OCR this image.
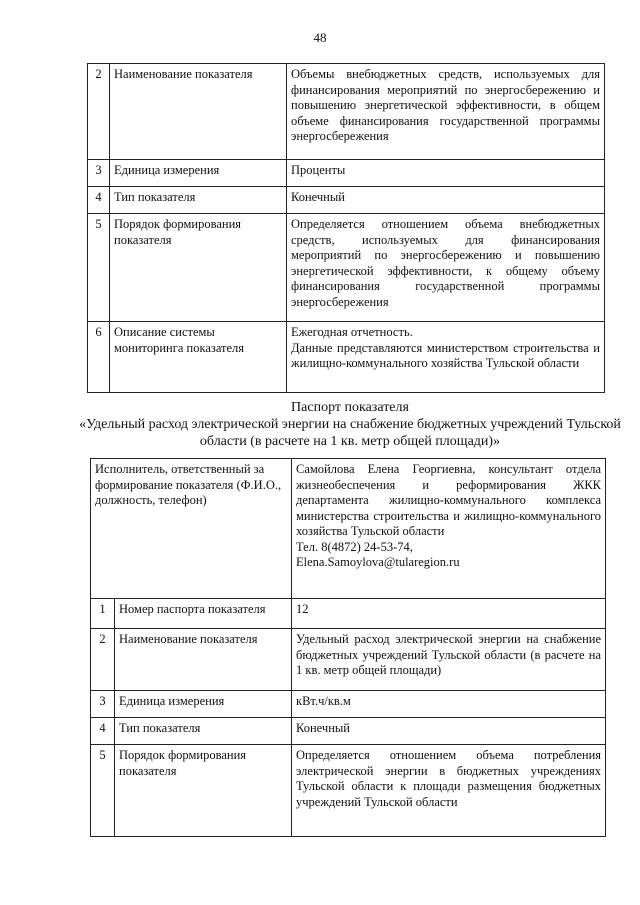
48
2	Наименование показателя	Объемы внебюджетных средств, используемых для финансирования мероприятий по энергосбережению и повышению энергетической эффективности, в общем объеме финансирования государственной программы энергосбережения
3	Единица измерения	Проценты
4	Тип показателя	Конечный
5	Порядок формирования показателя	Определяется отношением объема внебюджетных средств, используемых для финансирования мероприятий по энергосбережению и повышению энергетической эффективности, к общему объему финансирования государственной программы энергосбережения
6	Описание системы мониторинга показателя	Ежегодная отчетность.
Данные представляются министерством строительства и жилищно-коммунального хозяйства Тульской области
Паспорт показателя
«Удельный расход электрической энергии на снабжение бюджетных учреждений Тульской области (в расчете на 1 кв. метр общей площади)»
Исполнитель, ответственный за формирование показателя (Ф.И.О., должность, телефон)		Самойлова Елена Георгиевна, консультант отдела жизнеобеспечения и реформирования ЖКК департамента жилищно-коммунального комплекса министерства строительства и жилищно-коммунального хозяйства Тульской области
Тел. 8(4872) 24-53-74,
Elena.Samoylova@tularegion.ru

1	Номер паспорта показателя	12
2	Наименование показателя	Удельный расход электрической энергии на снабжение бюджетных учреждений Тульской области (в расчете на 1 кв. метр общей площади)
3	Единица измерения	кВт.ч/кв.м
4	Тип показателя	Конечный
5	Порядок формирования показателя	Определяется отношением объема потребления электрической энергии в бюджетных учреждениях Тульской области к площади размещения бюджетных учреждений Тульской области
